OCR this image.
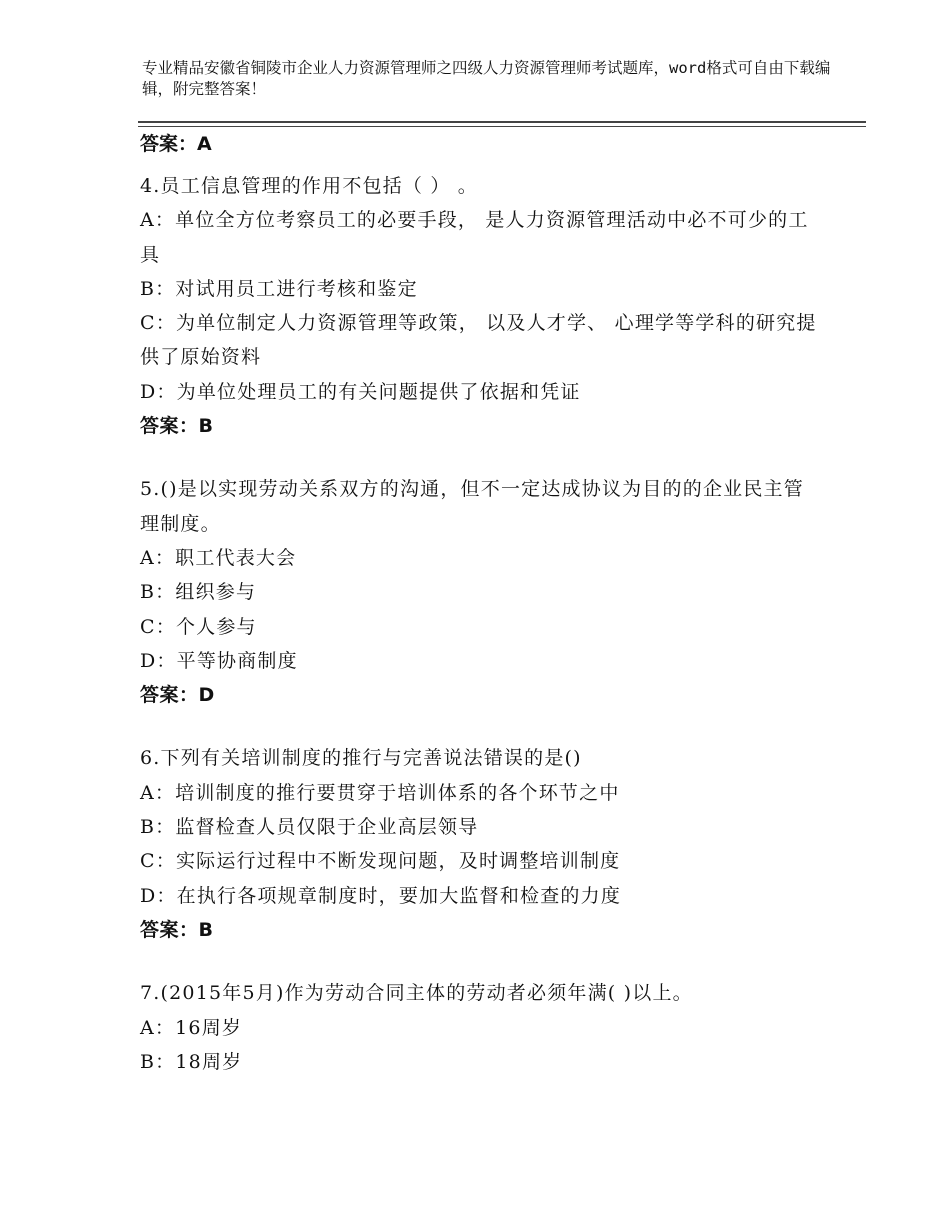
专业精品安徽省铜陵市企业人力资源管理师之四级人力资源管理师考试题库，word格式可自由下载编辑，附完整答案！
答案：A
4.员工信息管理的作用不包括（ ） 。
A：单位全方位考察员工的必要手段， 是人力资源管理活动中必不可少的工具
B：对试用员工进行考核和鉴定
C：为单位制定人力资源管理等政策， 以及人才学、 心理学等学科的研究提供了原始资料
D：为单位处理员工的有关问题提供了依据和凭证
答案：B
5.()是以实现劳动关系双方的沟通，但不一定达成协议为目的的企业民主管理制度。
A：职工代表大会
B：组织参与
C：个人参与
D：平等协商制度
答案：D
6.下列有关培训制度的推行与完善说法错误的是()
A：培训制度的推行要贯穿于培训体系的各个环节之中
B：监督检查人员仅限于企业高层领导
C：实际运行过程中不断发现问题，及时调整培训制度
D：在执行各项规章制度时，要加大监督和检查的力度
答案：B
7.(2015年5月)作为劳动合同主体的劳动者必须年满( )以上。
A：16周岁
B：18周岁
